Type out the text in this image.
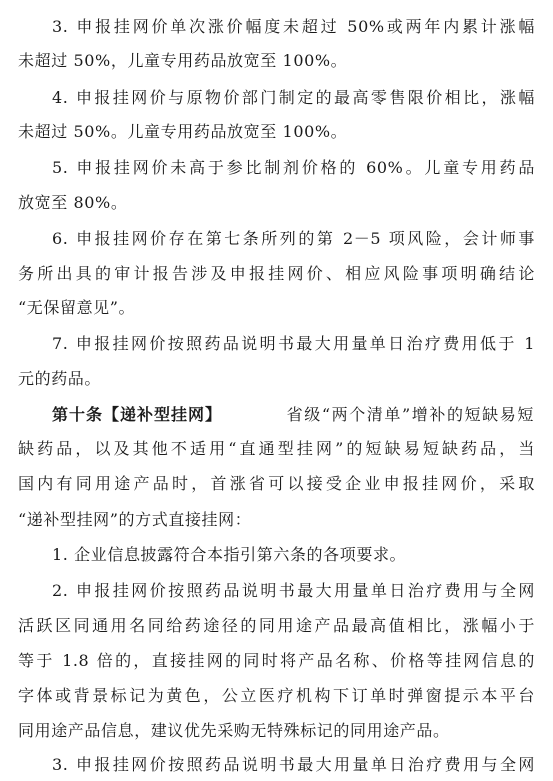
3. 申报挂网价单次涨价幅度未超过 50%或两年内累计涨幅
未超过 50%，儿童专用药品放宽至 100%。
4. 申报挂网价与原物价部门制定的最高零售限价相比，涨幅
未超过 50%。儿童专用药品放宽至 100%。
5. 申报挂网价未高于参比制剂价格的 60%。儿童专用药品
放宽至 80%。
6. 申报挂网价存在第七条所列的第 2－5 项风险，会计师事
务所出具的审计报告涉及申报挂网价、相应风险事项明确结论
“无保留意见”。
7. 申报挂网价按照药品说明书最大用量单日治疗费用低于 1
元的药品。
第十条【递补型挂网】	省级“两个清单”增补的短缺易短
缺药品，以及其他不适用“直通型挂网”的短缺易短缺药品，当
国内有同用途产品时，首涨省可以接受企业申报挂网价，采取
“递补型挂网”的方式直接挂网：
1. 企业信息披露符合本指引第六条的各项要求。
2. 申报挂网价按照药品说明书最大用量单日治疗费用与全网
活跃区同通用名同给药途径的同用途产品最高值相比，涨幅小于
等于 1.8 倍的，直接挂网的同时将产品名称、价格等挂网信息的
字体或背景标记为黄色，公立医疗机构下订单时弹窗提示本平台
同用途产品信息，建议优先采购无特殊标记的同用途产品。
3. 申报挂网价按照药品说明书最大用量单日治疗费用与全网
